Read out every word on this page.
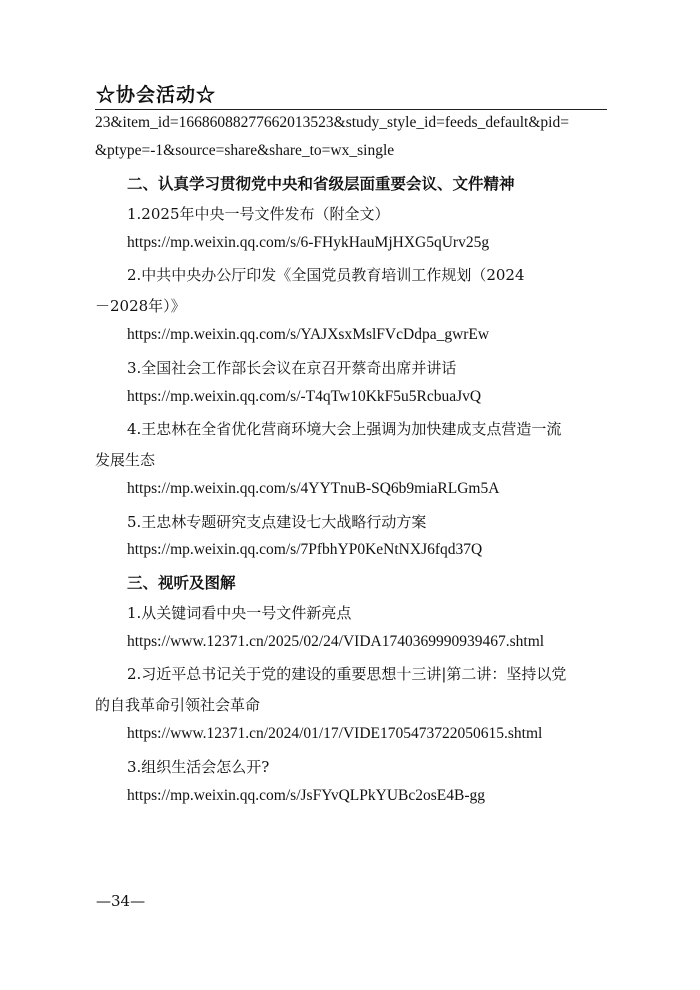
☆协会活动☆
23&item_id=16686088277662013523&study_style_id=feeds_default&pid=
&ptype=-1&source=share&share_to=wx_single
二、认真学习贯彻党中央和省级层面重要会议、文件精神
1.2025年中央一号文件发布（附全文）
https://mp.weixin.qq.com/s/6-FHykHauMjHXG5qUrv25g
2.中共中央办公厅印发《全国党员教育培训工作规划（2024
－2028年）》
https://mp.weixin.qq.com/s/YAJXsxMslFVcDdpa_gwrEw
3.全国社会工作部长会议在京召开蔡奇出席并讲话
https://mp.weixin.qq.com/s/-T4qTw10KkF5u5RcbuaJvQ
4.王忠林在全省优化营商环境大会上强调为加快建成支点营造一流
发展生态
https://mp.weixin.qq.com/s/4YYTnuB-SQ6b9miaRLGm5A
5.王忠林专题研究支点建设七大战略行动方案
https://mp.weixin.qq.com/s/7PfbhYP0KeNtNXJ6fqd37Q
三、视听及图解
1.从关键词看中央一号文件新亮点
https://www.12371.cn/2025/02/24/VIDA1740369990939467.shtml
2.习近平总书记关于党的建设的重要思想十三讲|第二讲：坚持以党
的自我革命引领社会革命
https://www.12371.cn/2024/01/17/VIDE1705473722050615.shtml
3.组织生活会怎么开?
https://mp.weixin.qq.com/s/JsFYvQLPkYUBc2osE4B-gg
—34—
